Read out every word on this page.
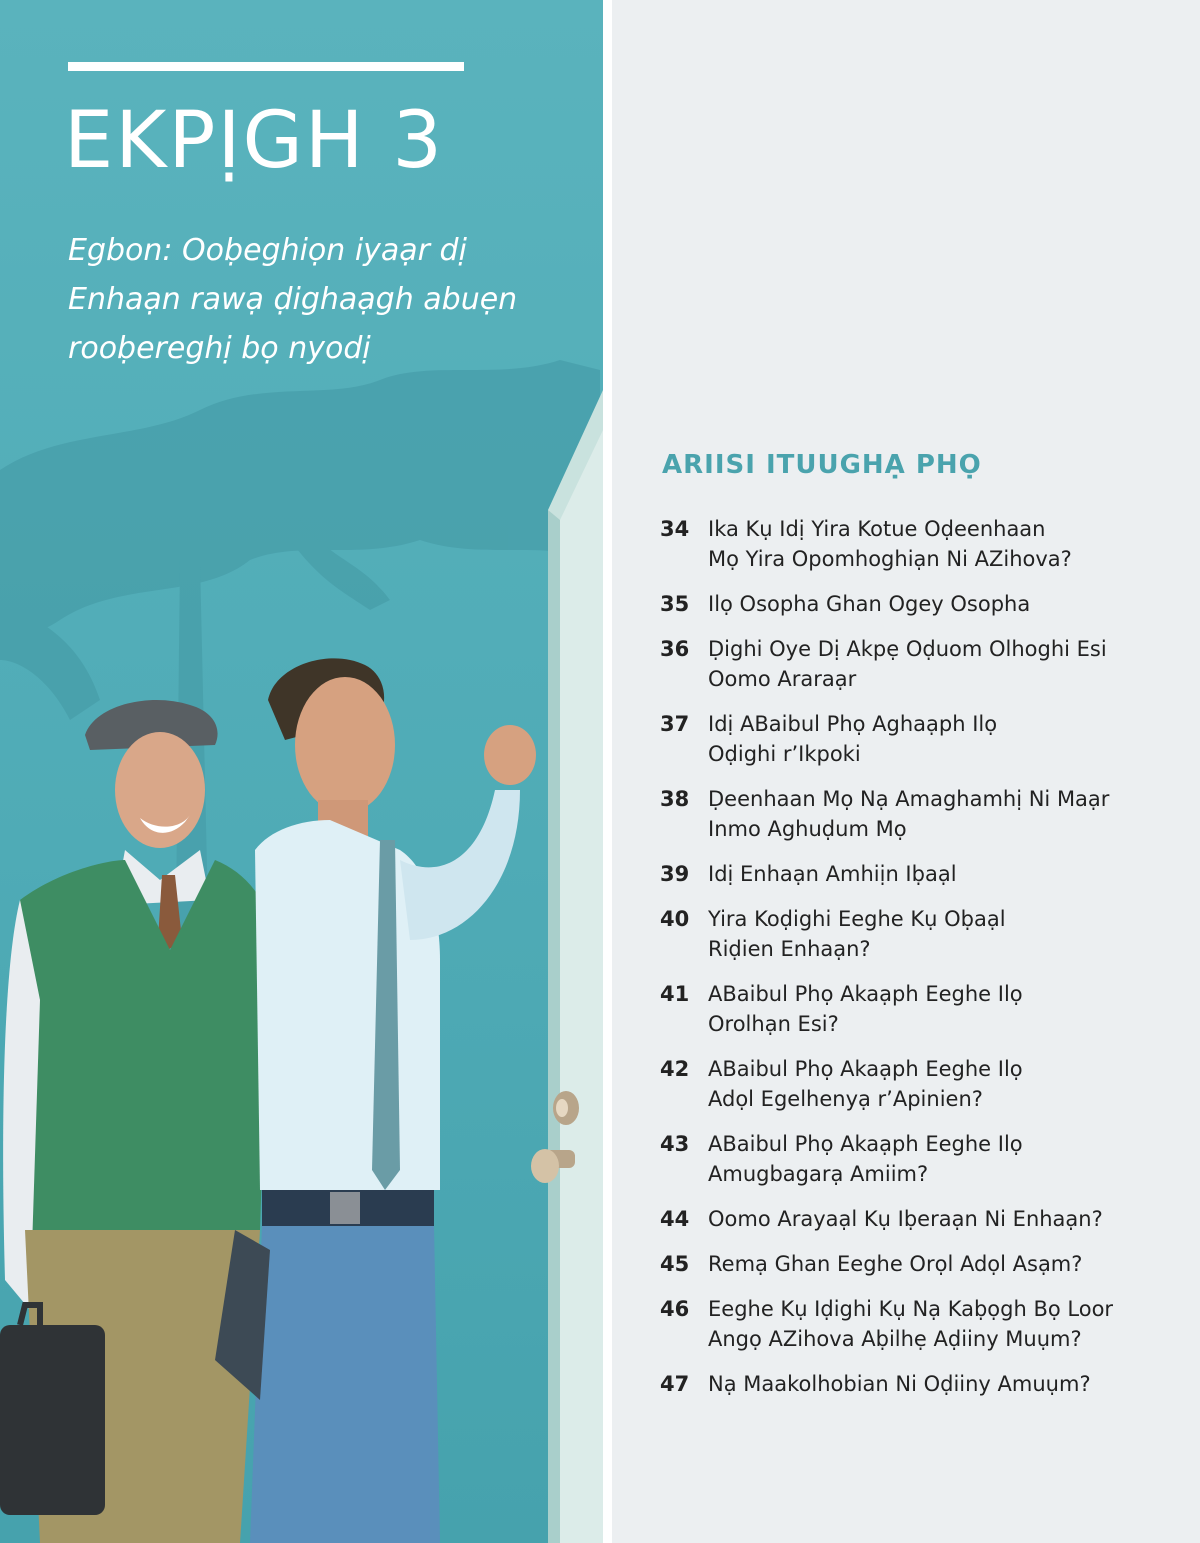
EKPỊGH 3
Egbon: Ooḅeghiọn iyaạr dị
Enhaạn rawạ ḍighaạgh abuẹn
rooḅereghị bọ nyodị
ARIISI ITUUGHẠ PHỌ
34 Ika Kụ Idị Yira Kotue Oḍeenhaan
Mọ Yira Opomhoghiạn Ni AZihova?
35 Ilọ Osopha Ghan Ogey Osopha
36 Ḍighi Oye Dị Akpẹ Oḍuom Olhoghi Esi
Oomo Araraạr
37 Idị ABaibul Phọ Aghaạph Ilọ
Oḍighi r’Ikpoki
38 Ḍeenhaan Mọ Nạ Amaghamhị Ni Maạr
Inmo Aghuḍum Mọ
39 Idị Enhaạn Amhiịn Iḅaạl
40 Yira Koḍighi Eeghe Kụ Oḅaạl
Riḍien Enhaạn?
41 ABaibul Phọ Akaạph Eeghe Ilọ
Orolhạn Esi?
42 ABaibul Phọ Akaạph Eeghe Ilọ
Adọl Egelhenyạ r’Apinien?
43 ABaibul Phọ Akaạph Eeghe Ilọ
Amugbagarạ Amiim?
44 Oomo Arayaạl Kụ Iḅeraạn Ni Enhaạn?
45 Remạ Ghan Eeghe Orọl Adọl Asạm?
46 Eeghe Kụ Iḍighi Kụ Nạ Kaḅọgh Bọ Loor
Angọ AZihova Aḅilhẹ Aḍiiny Muụm?
47 Nạ Maakolhobian Ni Oḍiiny Amuụm?
